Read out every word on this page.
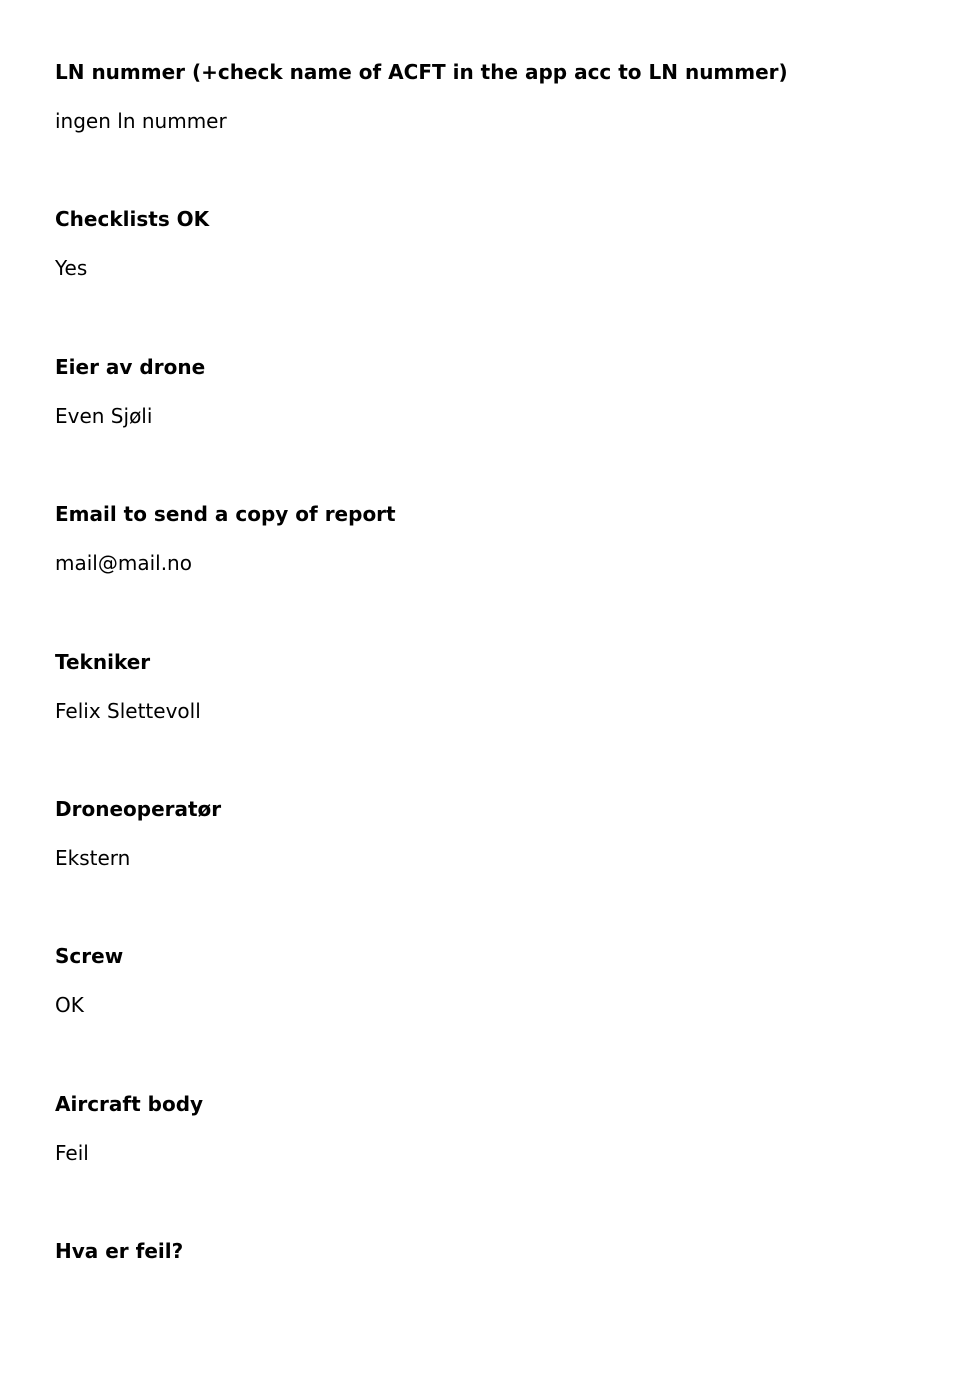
LN nummer (+check name of ACFT in the app acc to LN nummer)

ingen ln nummer

Checklists OK

Yes

Eier av drone

Even Sjøli

Email to send a copy of report

mail@mail.no

Tekniker

Felix Slettevoll

Droneoperatør

Ekstern

Screw

OK

Aircraft body

Feil

Hva er feil?
